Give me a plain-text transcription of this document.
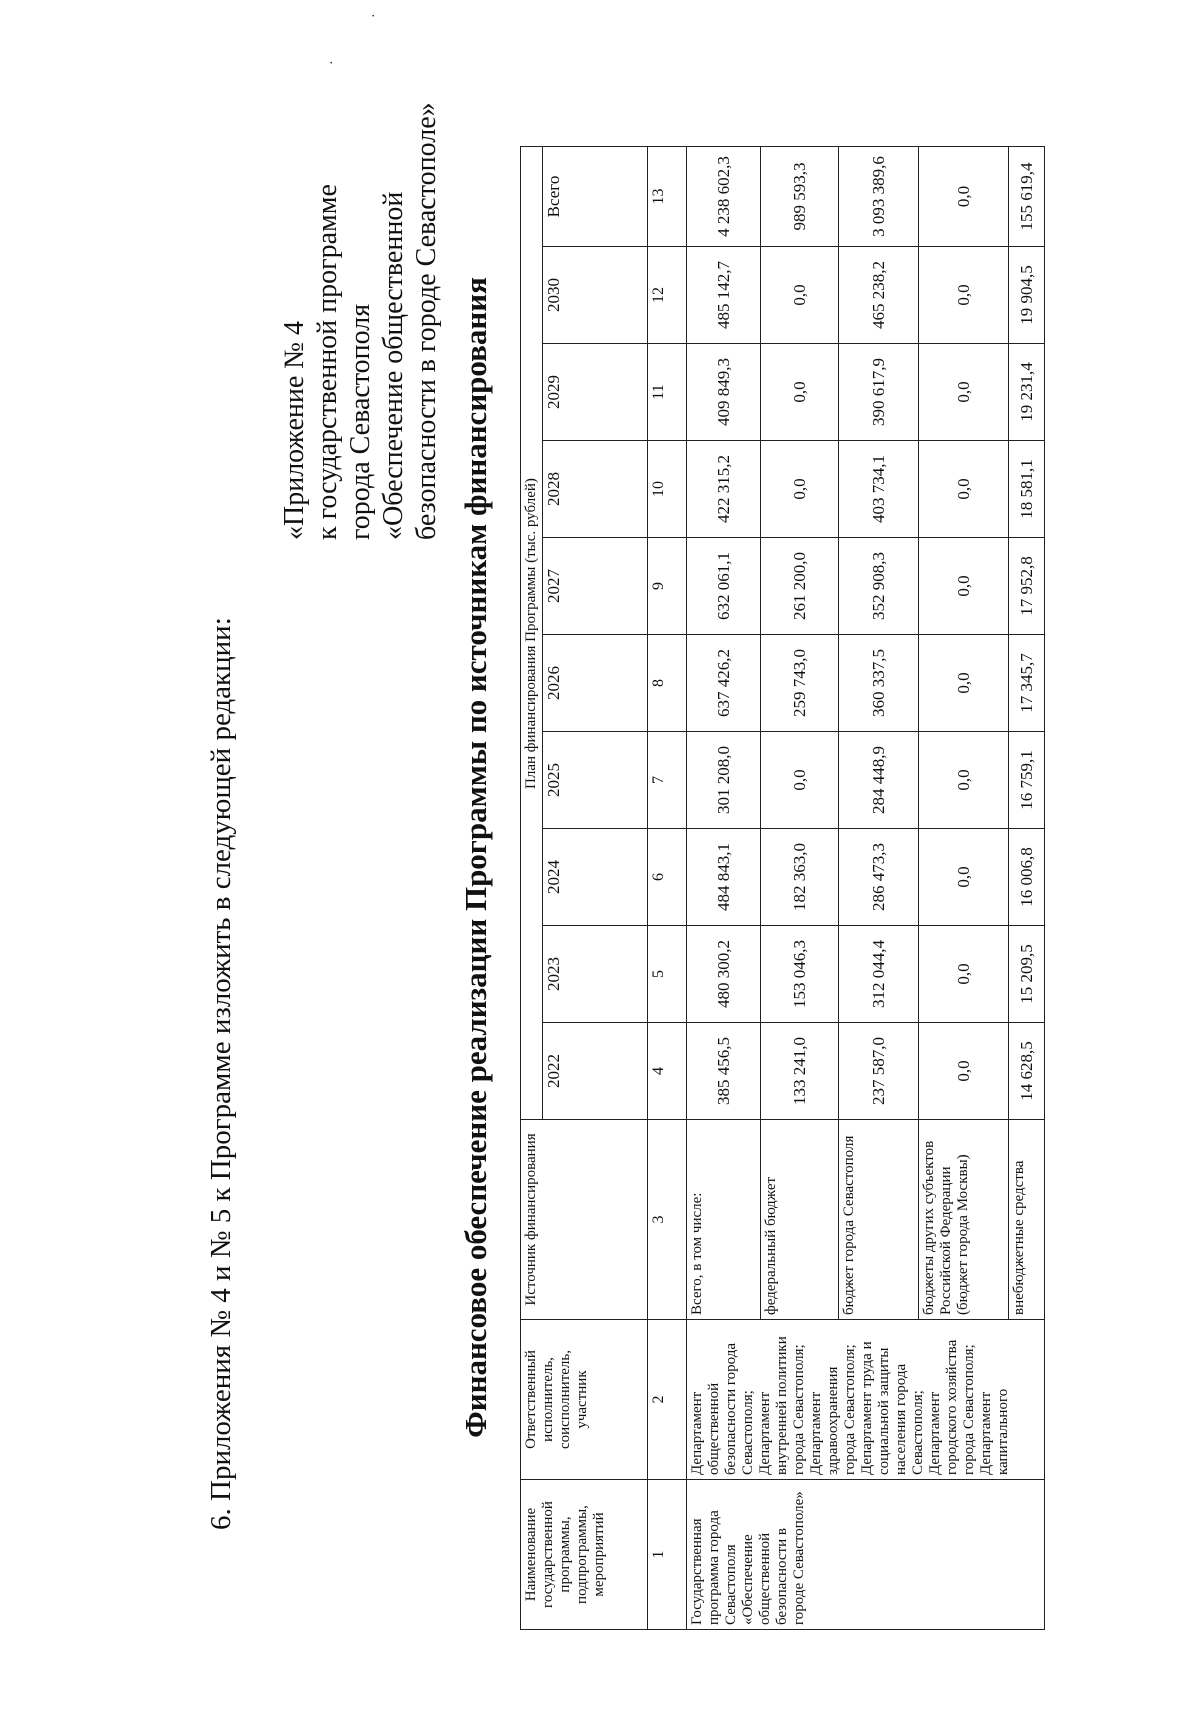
·
·

6. Приложения № 4 и № 5 к Программе изложить в следующей редакции:

«Приложение № 4 к государственной программе города Севастополя «Обеспечение общественной безопасности в городе Севастополе» Финансовое обеспечение реализации Программы по источникам финансирования
Наименование государственной программы, подпрограммы, мероприятий	Ответственный исполнитель, соисполнитель, участник	Источник финансирования	План финансирования Программы (тыс. рублей)									
			2022	2023	2024	2025	2026	2027	2028	2029	2030	Всего
1	2	3	4	5	6	7	8	9	10	11	12	13
Государственная программа города Севастополя «Обеспечение общественной безопасности в городе Севастополе»	Департамент общественной безопасности города Севастополя; Департамент внутренней политики города Севастополя; Департамент здравоохранения города Севастополя; Департамент труда и социальной защиты населения города Севастополя; Департамент городского хозяйства города Севастополя; Департамент капитального	Всего, в том числе:	385 456,5	480 300,2	484 843,1	301 208,0	637 426,2	632 061,1	422 315,2	409 849,3	485 142,7	4 238 602,3
		федеральный бюджет	133 241,0	153 046,3	182 363,0	0,0	259 743,0	261 200,0	0,0	0,0	0,0	989 593,3
		бюджет города Севастополя	237 587,0	312 044,4	286 473,3	284 448,9	360 337,5	352 908,3	403 734,1	390 617,9	465 238,2	3 093 389,6
		бюджеты других субъектов Российской Федерации (бюджет города Москвы)	0,0	0,0	0,0	0,0	0,0	0,0	0,0	0,0	0,0	0,0
		внебюджетные средства	14 628,5	15 209,5	16 006,8	16 759,1	17 345,7	17 952,8	18 581,1	19 231,4	19 904,5	155 619,4
